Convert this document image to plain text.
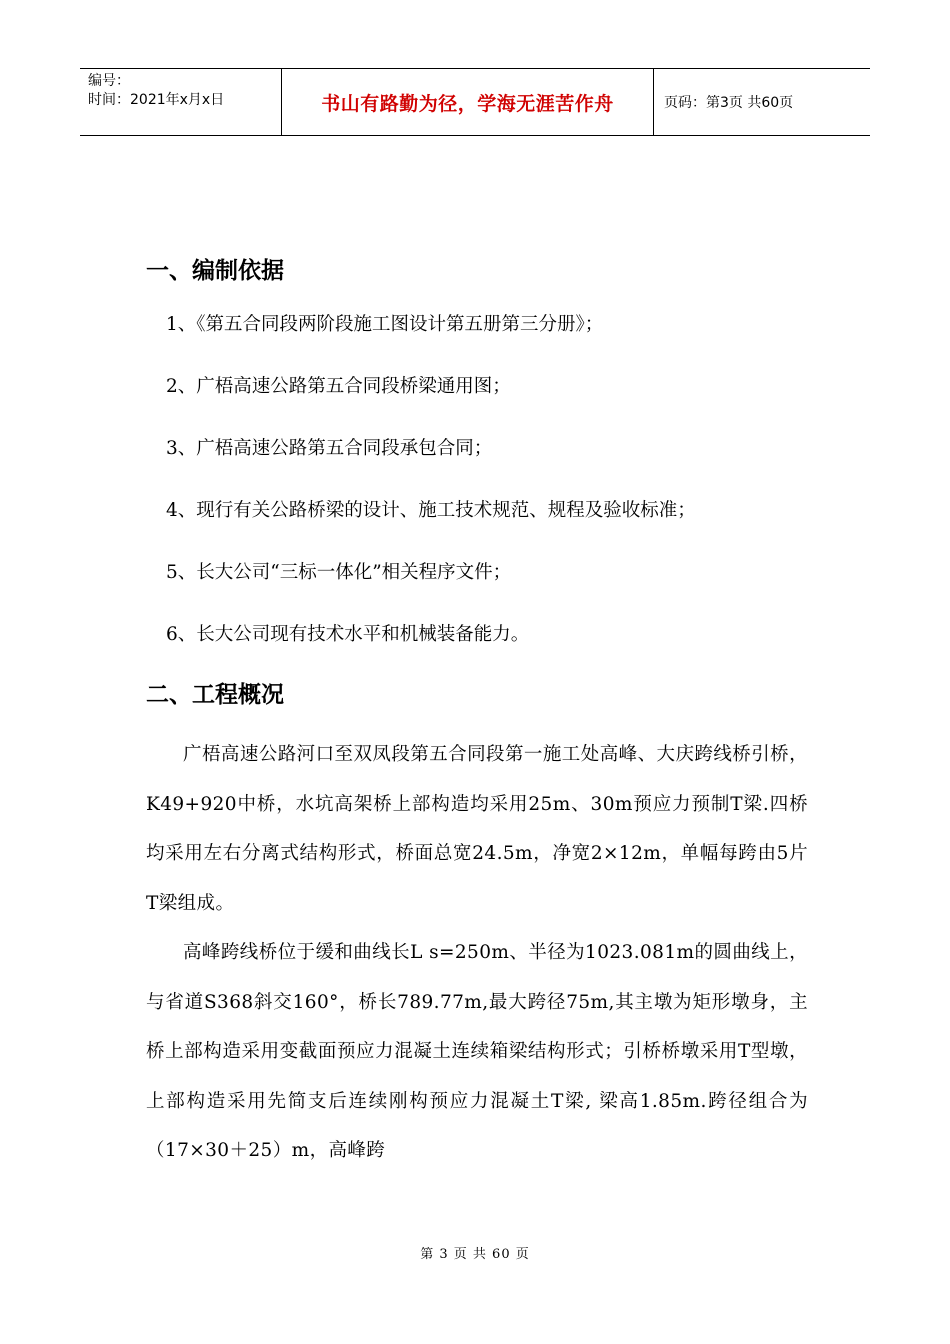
编号：
时间：2021年x月x日	书山有路勤为径，学海无涯苦作舟	页码：第3页 共60页
一、编制依据

1、《第五合同段两阶段施工图设计第五册第三分册》；

2、广梧高速公路第五合同段桥梁通用图；

3、广梧高速公路第五合同段承包合同；

4、现行有关公路桥梁的设计、施工技术规范、规程及验收标准；

5、长大公司“三标一体化”相关程序文件；

6、长大公司现有技术水平和机械装备能力。

二、工程概况

广梧高速公路河口至双凤段第五合同段第一施工处高峰、大庆跨线桥引桥，K49+920中桥，水坑高架桥上部构造均采用25m、30m预应力预制T梁.四桥均采用左右分离式结构形式，桥面总宽24.5m，净宽2×12m，单幅每跨由5片T梁组成。

高峰跨线桥位于缓和曲线长L s=250m、半径为1023.081m的圆曲线上，与省道S368斜交160°，桥长789.77m,最大跨径75m,其主墩为矩形墩身，主桥上部构造采用变截面预应力混凝土连续箱梁结构形式；引桥桥墩采用T型墩，上部构造采用先简支后连续刚构预应力混凝土T梁, 梁高1.85m.跨径组合为（17×30＋25）m，高峰跨

第 3 页 共 60 页
